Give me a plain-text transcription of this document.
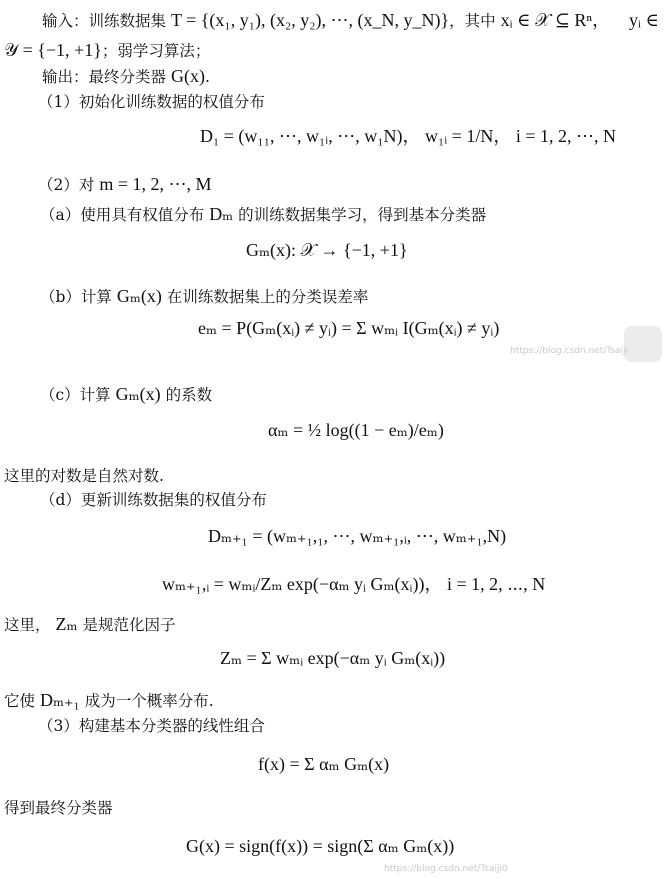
输入：训练数据集 T = {(x₁, y₁), (x₂, y₂), ⋯, (x_N, y_N)}，其中 xᵢ ∈ 𝒳 ⊆ Rⁿ， yᵢ ∈
𝒴 = {−1, +1}；弱学习算法；
输出：最终分类器 G(x).
（1）初始化训练数据的权值分布
D₁ = (w₁₁, ⋯, w₁ᵢ, ⋯, w₁N)， w₁ᵢ = 1/N， i = 1, 2, ⋯, N
（2）对 m = 1, 2, ⋯, M
（a）使用具有权值分布 Dₘ 的训练数据集学习，得到基本分类器
Gₘ(x): 𝒳 → {−1, +1}
（b）计算 Gₘ(x) 在训练数据集上的分类误差率
eₘ = P(Gₘ(xᵢ) ≠ yᵢ) = Σ wₘᵢ I(Gₘ(xᵢ) ≠ yᵢ)
（c）计算 Gₘ(x) 的系数
αₘ = ½ log((1 − eₘ)/eₘ)
这里的对数是自然对数.
（d）更新训练数据集的权值分布
Dₘ₊₁ = (wₘ₊₁,₁, ⋯, wₘ₊₁,ᵢ, ⋯, wₘ₊₁,N)
wₘ₊₁,ᵢ = wₘᵢ/Zₘ exp(−αₘ yᵢ Gₘ(xᵢ))， i = 1, 2, ⋯, N
这里， Zₘ 是规范化因子
Zₘ = Σ wₘᵢ exp(−αₘ yᵢ Gₘ(xᵢ))
它使 Dₘ₊₁ 成为一个概率分布.
（3）构建基本分类器的线性组合
f(x) = Σ αₘ Gₘ(x)
得到最终分类器
G(x) = sign(f(x)) = sign(Σ αₘ Gₘ(x))
https://blog.csdn.net/Tsaiji
https://blog.csdn.net/Tsaiji0
